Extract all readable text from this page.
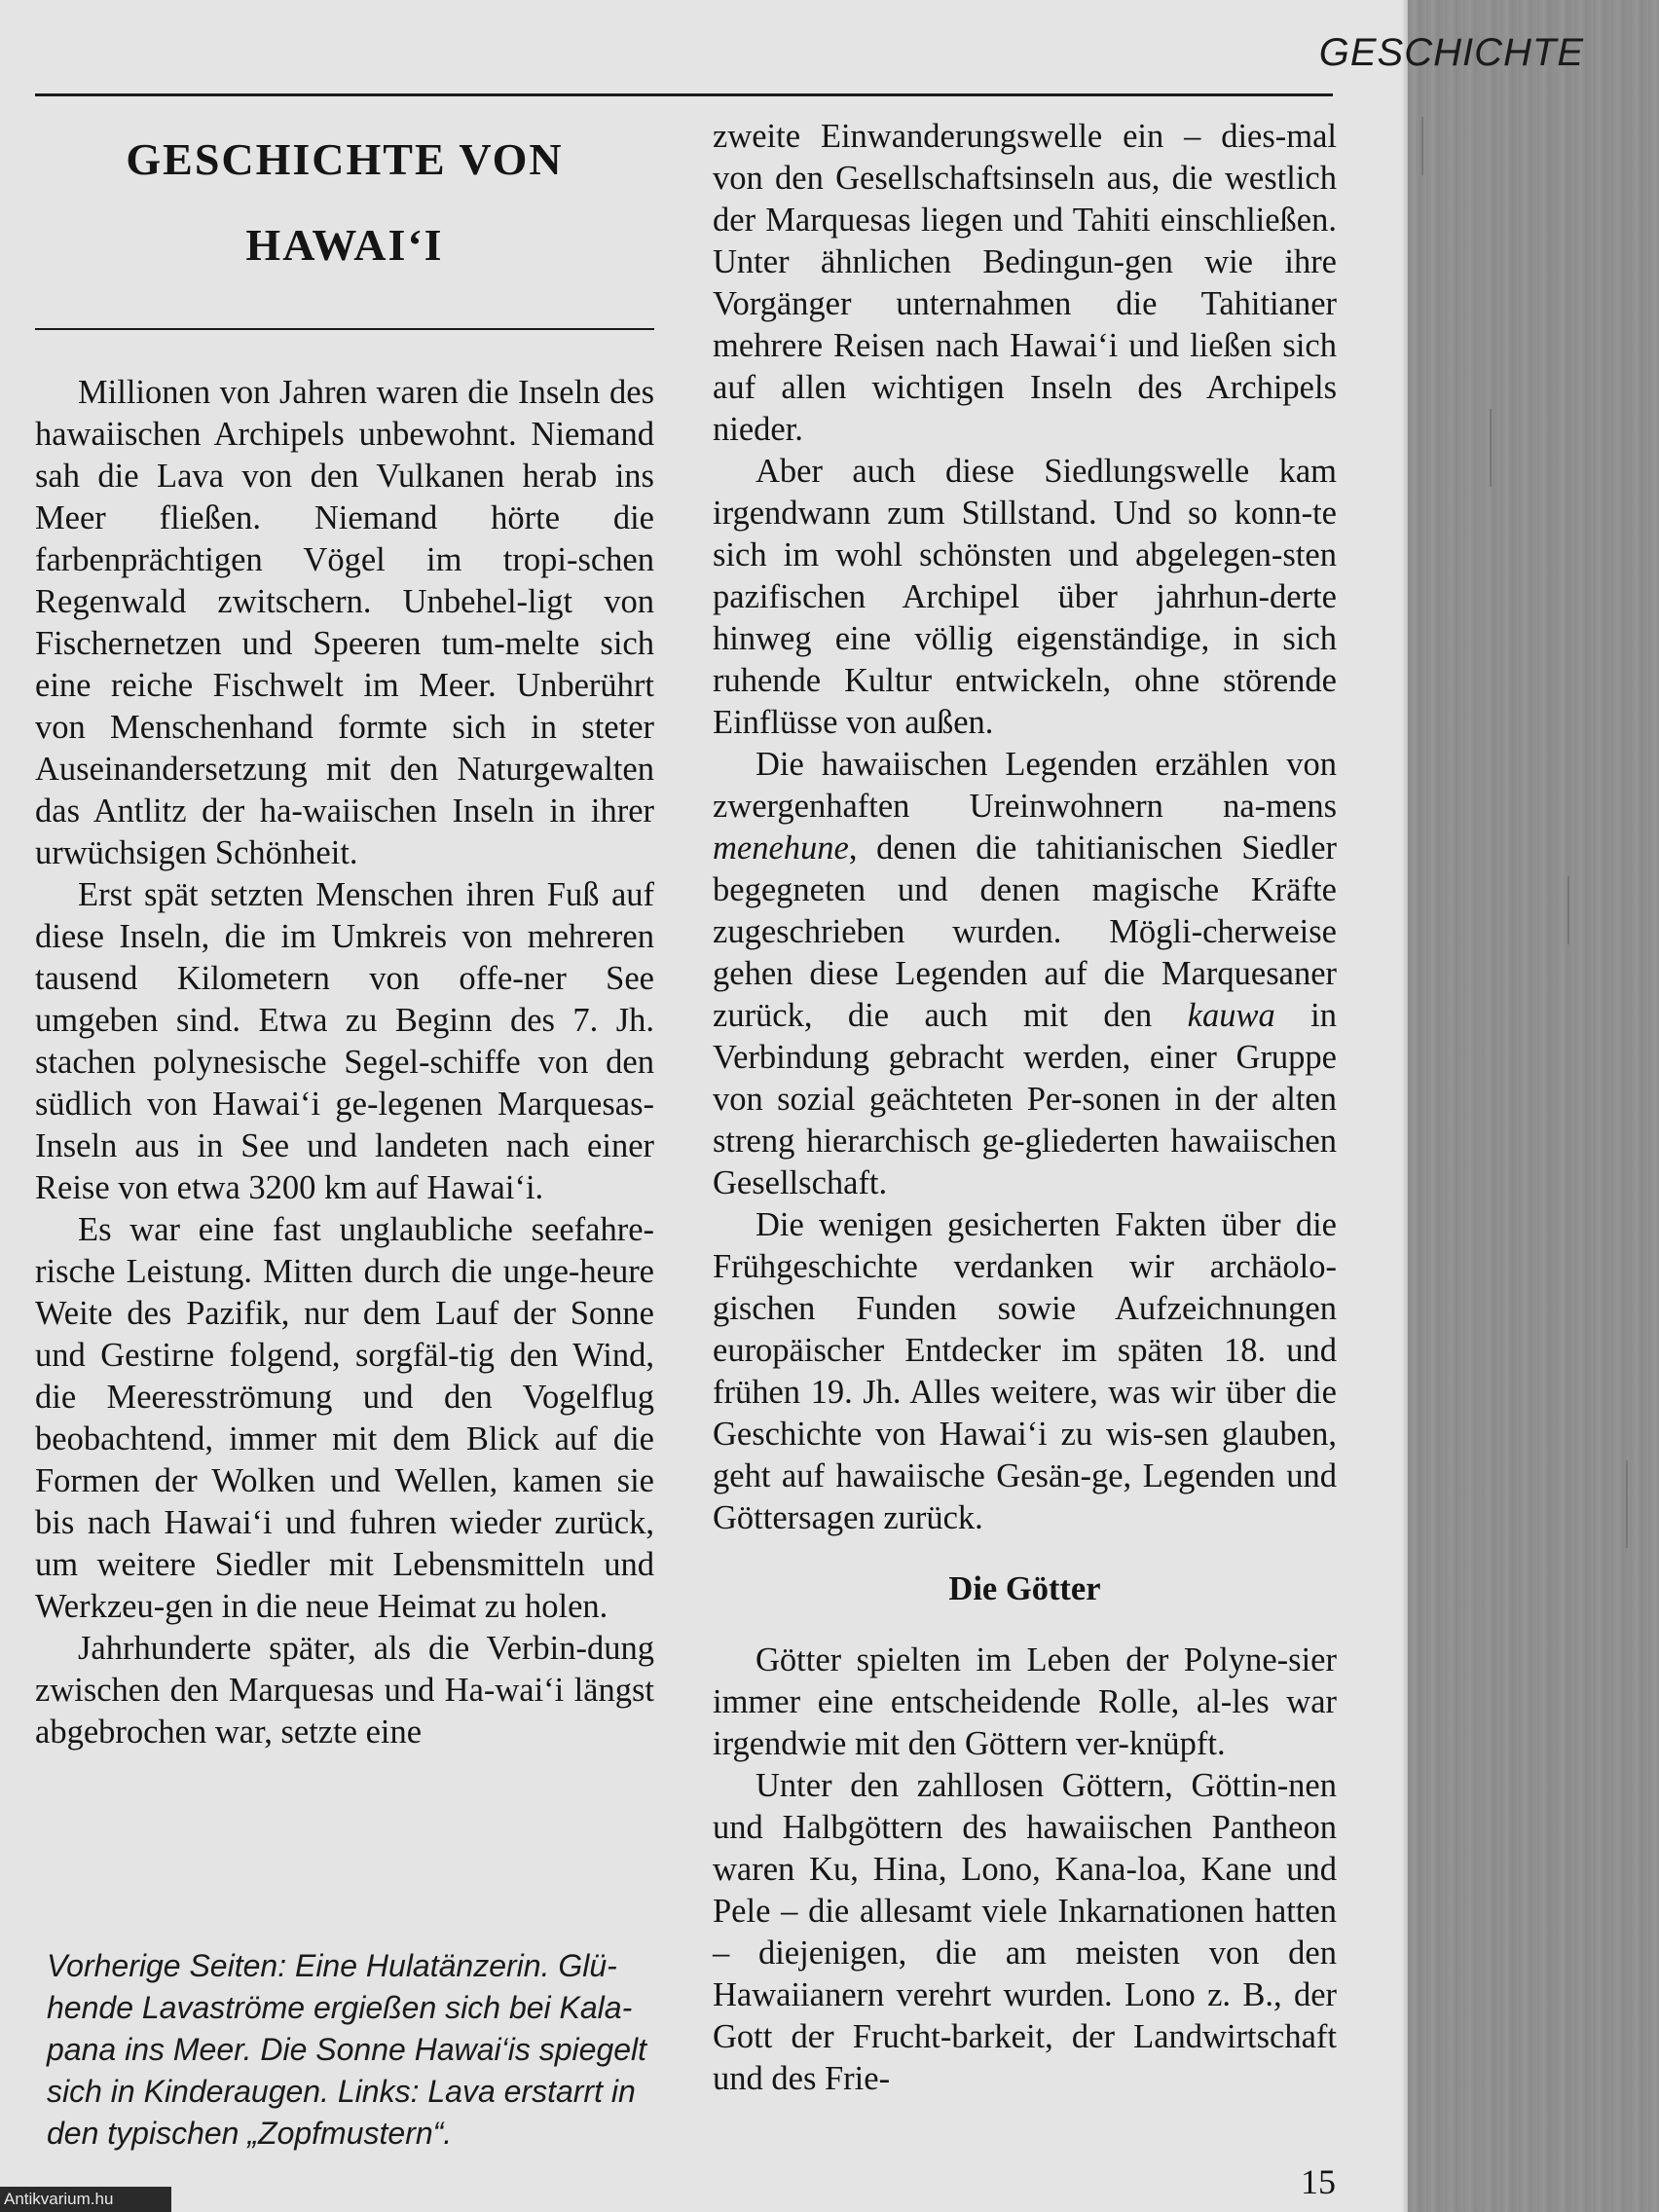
GESCHICHTE
GESCHICHTE VON
HAWAI‘I

Millionen von Jahren waren die Inseln des hawaiischen Archipels unbewohnt. Niemand sah die Lava von den Vulkanen herab ins Meer fließen. Niemand hörte die farbenprächtigen Vögel im tropi-schen Regenwald zwitschern. Unbehel-ligt von Fischernetzen und Speeren tum-melte sich eine reiche Fischwelt im Meer. Unberührt von Menschenhand formte sich in steter Auseinandersetzung mit den Naturgewalten das Antlitz der ha-waiischen Inseln in ihrer urwüchsigen Schönheit.

Erst spät setzten Menschen ihren Fuß auf diese Inseln, die im Umkreis von mehreren tausend Kilometern von offe-ner See umgeben sind. Etwa zu Beginn des 7. Jh. stachen polynesische Segel-schiffe von den südlich von Hawai‘i ge-legenen Marquesas-Inseln aus in See und landeten nach einer Reise von etwa 3200 km auf Hawai‘i.

Es war eine fast unglaubliche seefahre-rische Leistung. Mitten durch die unge-heure Weite des Pazifik, nur dem Lauf der Sonne und Gestirne folgend, sorgfäl-tig den Wind, die Meeresströmung und den Vogelflug beobachtend, immer mit dem Blick auf die Formen der Wolken und Wellen, kamen sie bis nach Hawai‘i und fuhren wieder zurück, um weitere Siedler mit Lebensmitteln und Werkzeu-gen in die neue Heimat zu holen.

Jahrhunderte später, als die Verbin-dung zwischen den Marquesas und Ha-wai‘i längst abgebrochen war, setzte eine

Vorherige Seiten: Eine Hulatänzerin. Glü-
hende Lavaströme ergießen sich bei Kala-
pana ins Meer. Die Sonne Hawai‘is spiegelt
sich in Kinderaugen. Links: Lava erstarrt in
den typischen „Zopfmustern“.

zweite Einwanderungswelle ein – dies-mal von den Gesellschaftsinseln aus, die westlich der Marquesas liegen und Tahiti einschließen. Unter ähnlichen Bedingun-gen wie ihre Vorgänger unternahmen die Tahitianer mehrere Reisen nach Hawai‘i und ließen sich auf allen wichtigen Inseln des Archipels nieder.

Aber auch diese Siedlungswelle kam irgendwann zum Stillstand. Und so konn-te sich im wohl schönsten und abgelegen-sten pazifischen Archipel über jahrhun-derte hinweg eine völlig eigenständige, in sich ruhende Kultur entwickeln, ohne störende Einflüsse von außen.

Die hawaiischen Legenden erzählen von zwergenhaften Ureinwohnern na-mens menehune, denen die tahitianischen Siedler begegneten und denen magische Kräfte zugeschrieben wurden. Mögli-cherweise gehen diese Legenden auf die Marquesaner zurück, die auch mit den kauwa in Verbindung gebracht werden, einer Gruppe von sozial geächteten Per-sonen in der alten streng hierarchisch ge-gliederten hawaiischen Gesellschaft.

Die wenigen gesicherten Fakten über die Frühgeschichte verdanken wir archäolo-gischen Funden sowie Aufzeichnungen europäischer Entdecker im späten 18. und frühen 19. Jh. Alles weitere, was wir über die Geschichte von Hawai‘i zu wis-sen glauben, geht auf hawaiische Gesän-ge, Legenden und Göttersagen zurück.

Die Götter

Götter spielten im Leben der Polyne-sier immer eine entscheidende Rolle, al-les war irgendwie mit den Göttern ver-knüpft.

Unter den zahllosen Göttern, Göttin-nen und Halbgöttern des hawaiischen Pantheon waren Ku, Hina, Lono, Kana-loa, Kane und Pele – die allesamt viele Inkarnationen hatten – diejenigen, die am meisten von den Hawaiianern verehrt wurden. Lono z. B., der Gott der Frucht-barkeit, der Landwirtschaft und des Frie-

15
Antikvarium.hu
